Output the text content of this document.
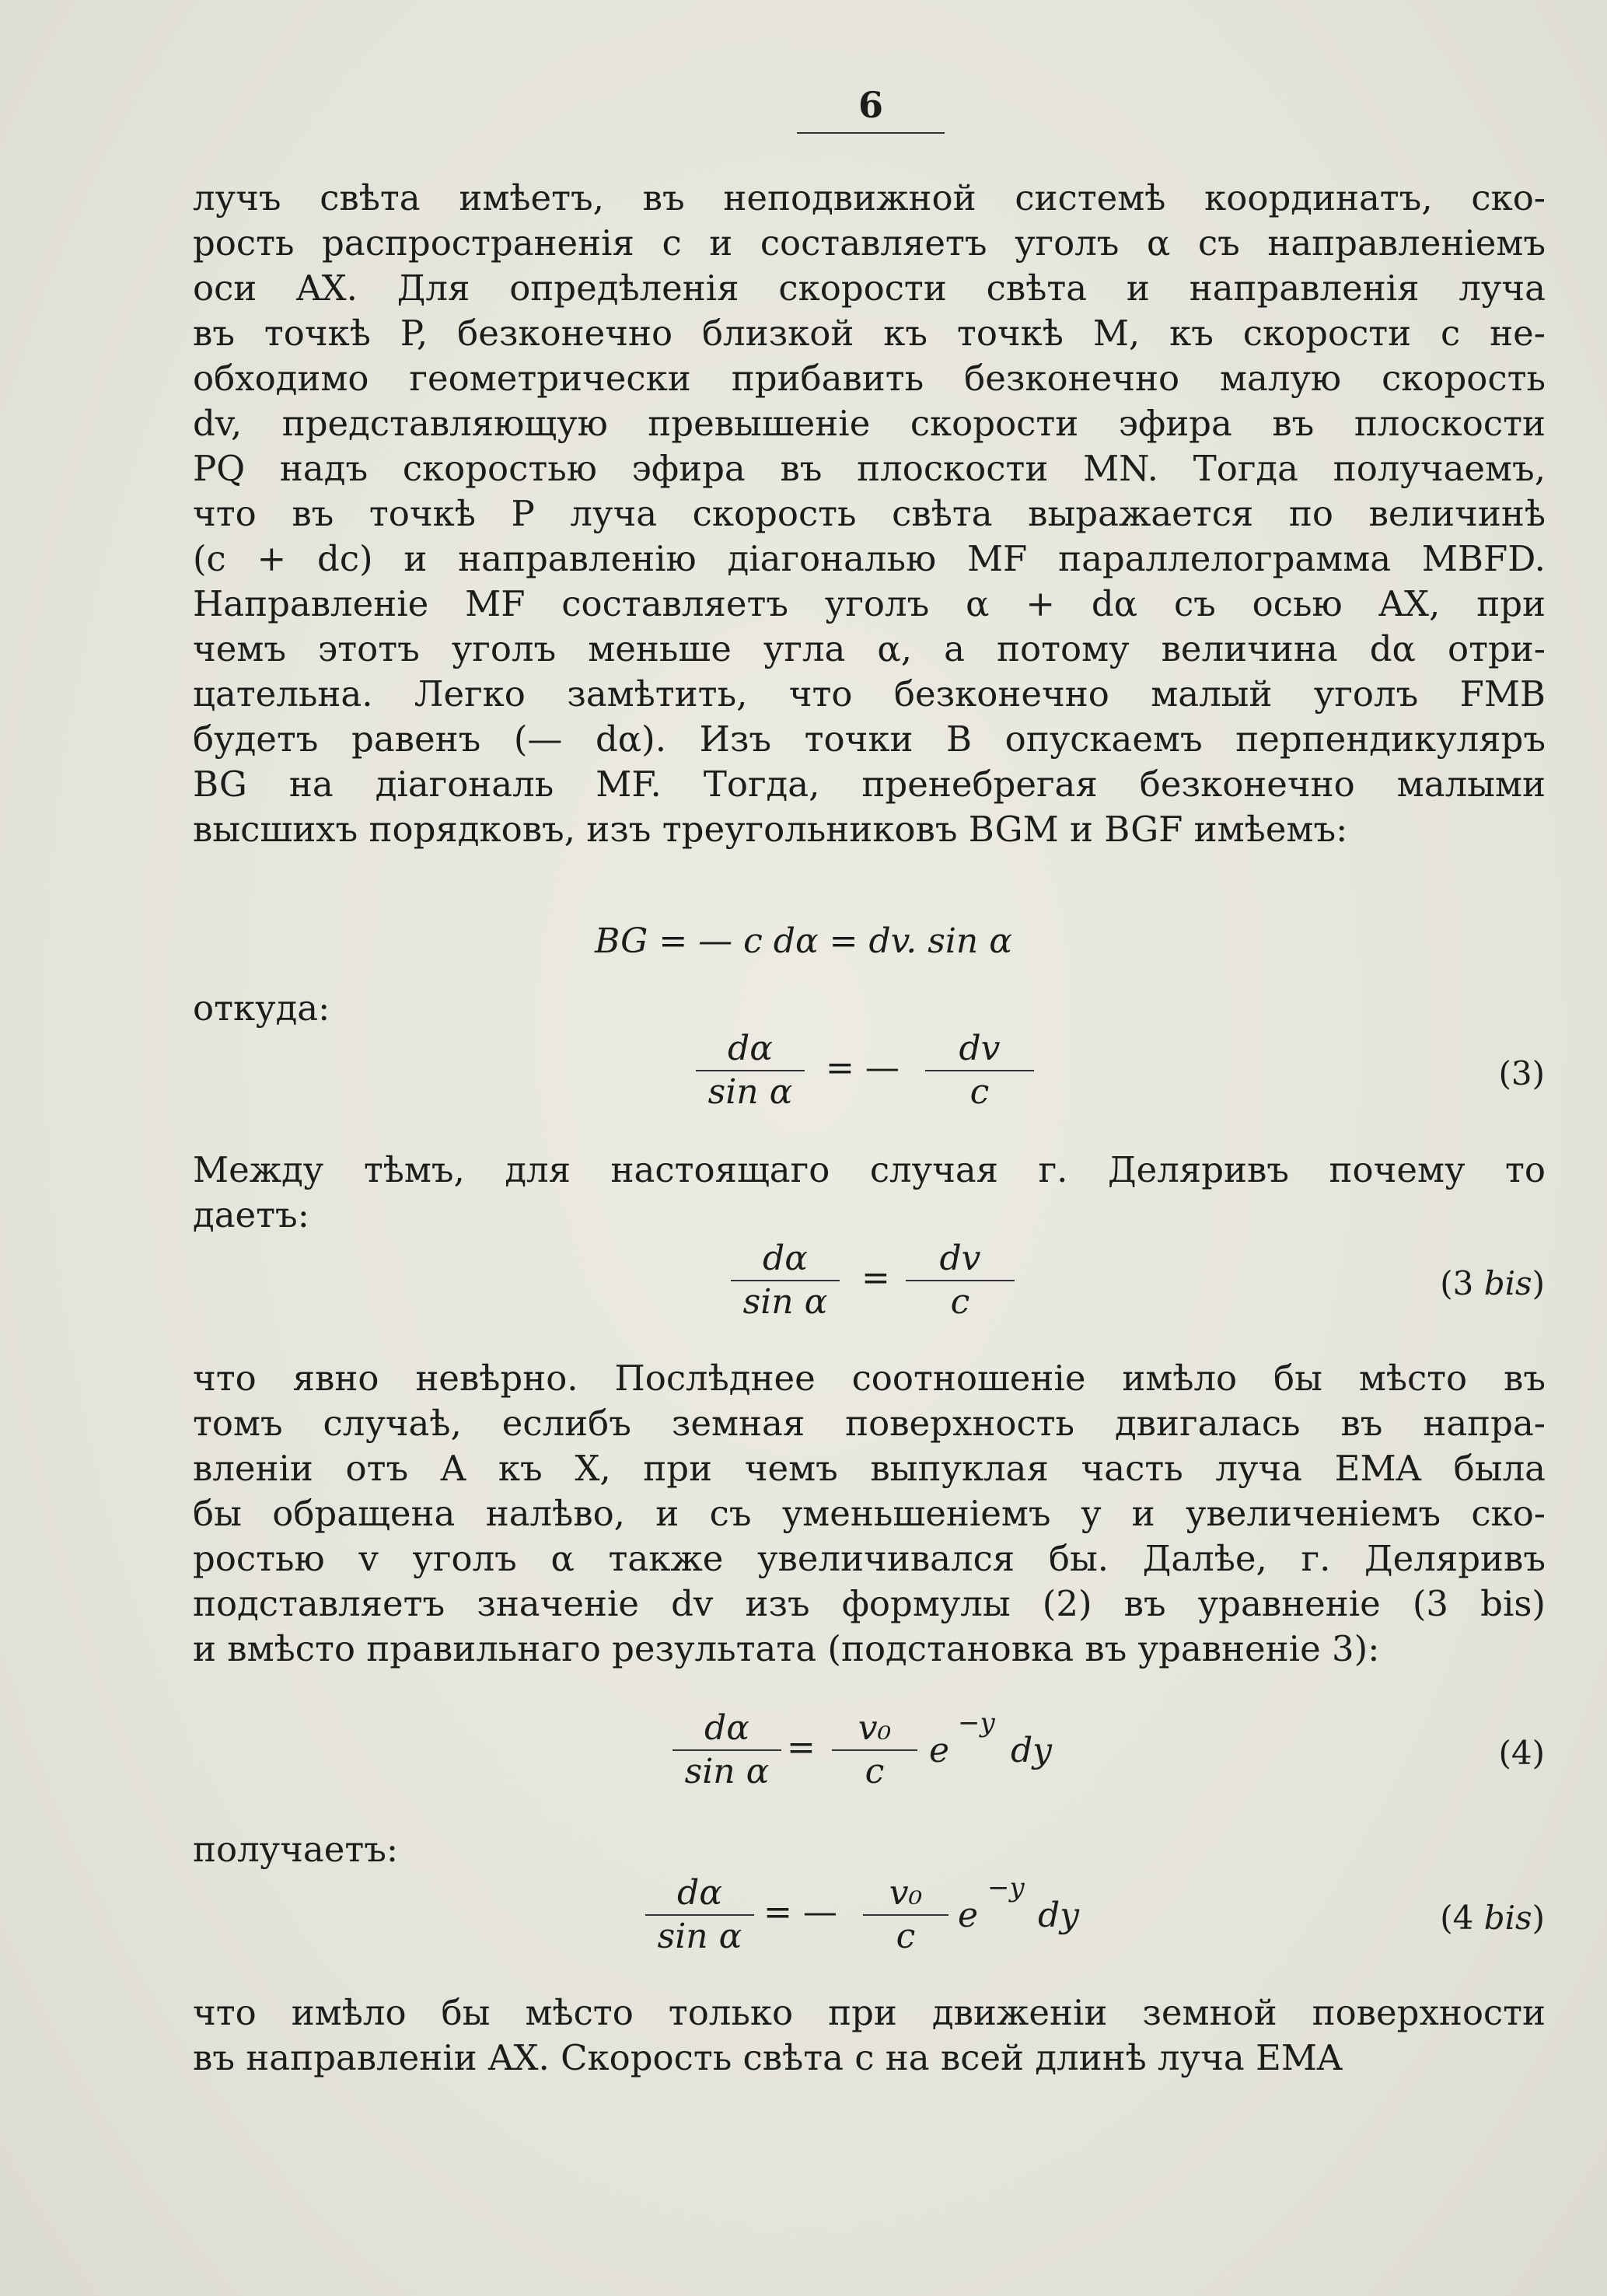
6
лучъ свѣта имѣетъ, въ неподвижной системѣ координатъ, ско-
рость распространенія c и составляетъ уголъ α съ направленіемъ
оси AX. Для опредѣленія скорости свѣта и направленія луча
въ точкѣ P, безконечно близкой къ точкѣ M, къ скорости c не-
обходимо геометрически прибавить безконечно малую скорость
dv, представляющую превышеніе скорости эфира въ плоскости
PQ надъ скоростью эфира въ плоскости MN. Тогда получаемъ,
что въ точкѣ P луча скорость свѣта выражается по величинѣ
(c + dc) и направленію діагональю MF параллелограмма MBFD.
Направленіе MF составляетъ уголъ α + dα съ осью AX, при
чемъ этотъ уголъ меньше угла α, а потому величина dα отри-
цательна. Легко замѣтить, что безконечно малый уголъ FMB
будетъ равенъ (— dα). Изъ точки B опускаемъ перпендикуляръ
BG на діагональ MF. Тогда, пренебрегая безконечно малыми
высшихъ порядковъ, изъ треугольниковъ BGM и BGF имѣемъ:
BG = — c dα = dv. sin α
откуда:
dα
sin α
= —	dv
c	(3)
Между тѣмъ, для настоящаго случая г. Деляривъ почему то
даетъ:
dα
sin α
=	dv
c	(3 bis)
что явно невѣрно. Послѣднее соотношеніе имѣло бы мѣсто въ
томъ случаѣ, еслибъ земная поверхность двигалась въ напра-
вленіи отъ A къ X, при чемъ выпуклая часть луча EMA была
бы обращена налѣво, и съ уменьшеніемъ y и увеличеніемъ ско-
ростью v уголъ α также увеличивался бы. Далѣе, г. Деляривъ
подставляетъ значеніе dv изъ формулы (2) въ уравненіе (3 bis)
и вмѣсто правильнаго результата (подстановка въ уравненіе 3):
dα
sin α
=	v₀
c
e
−y
dy	(4)
получаетъ:
dα
sin α
= —	v₀
c
e
−y
dy	(4 bis)
что имѣло бы мѣсто только при движеніи земной поверхности
въ направленіи AX. Скорость свѣта c на всей длинѣ луча EMA
